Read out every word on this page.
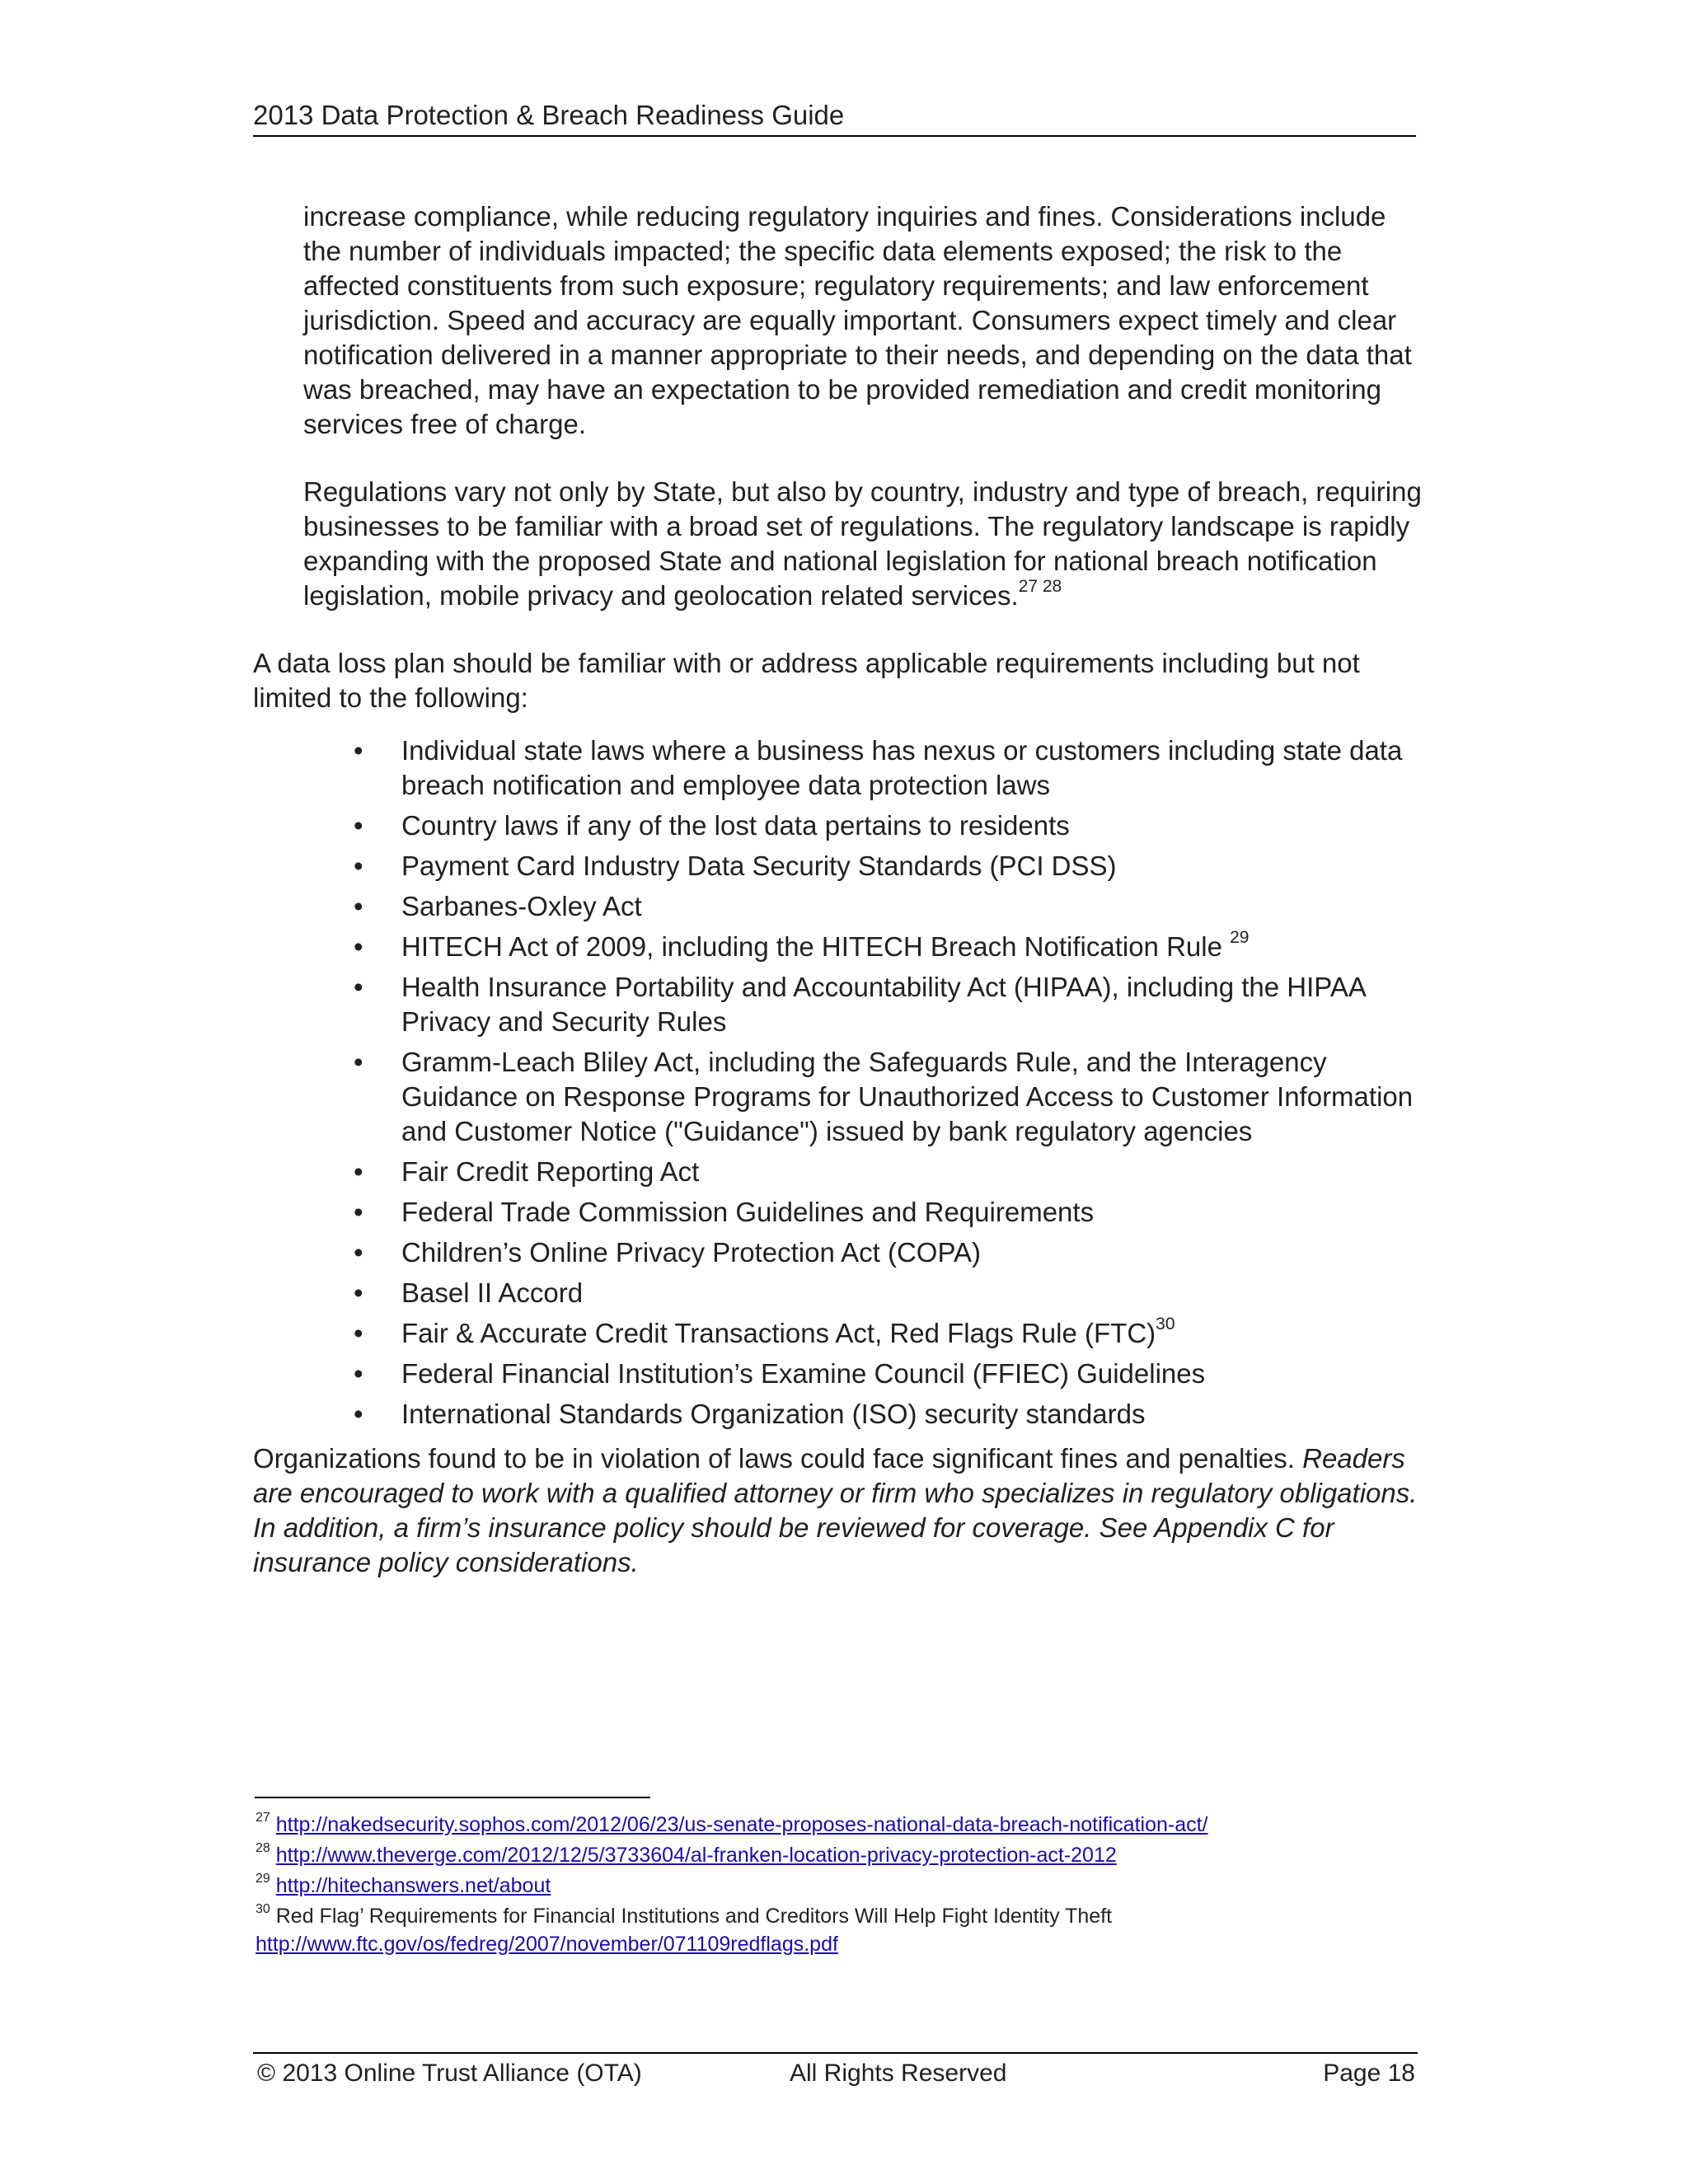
2013 Data Protection & Breach Readiness Guide

increase compliance, while reducing regulatory inquiries and fines. Considerations include the number of individuals impacted; the specific data elements exposed; the risk to the affected constituents from such exposure; regulatory requirements; and law enforcement jurisdiction. Speed and accuracy are equally important. Consumers expect timely and clear notification delivered in a manner appropriate to their needs, and depending on the data that was breached, may have an expectation to be provided remediation and credit monitoring services free of charge.

Regulations vary not only by State, but also by country, industry and type of breach, requiring businesses to be familiar with a broad set of regulations. The regulatory landscape is rapidly expanding with the proposed State and national legislation for national breach notification legislation, mobile privacy and geolocation related services.$^{27 28}$

A data loss plan should be familiar with or address applicable requirements including but not limited to the following:

• Individual state laws where a business has nexus or customers including state data breach notification and employee data protection laws
• Country laws if any of the lost data pertains to residents
• Payment Card Industry Data Security Standards (PCI DSS)
• Sarbanes-Oxley Act
• HITECH Act of 2009, including the HITECH Breach Notification Rule $^{29}$
• Health Insurance Portability and Accountability Act (HIPAA), including the HIPAA Privacy and Security Rules
• Gramm-Leach Bliley Act, including the Safeguards Rule, and the Interagency Guidance on Response Programs for Unauthorized Access to Customer Information and Customer Notice ("Guidance") issued by bank regulatory agencies
• Fair Credit Reporting Act
• Federal Trade Commission Guidelines and Requirements
• Children’s Online Privacy Protection Act (COPA)
• Basel II Accord
• Fair & Accurate Credit Transactions Act, Red Flags Rule (FTC)$^{30}$
• Federal Financial Institution’s Examine Council (FFIEC) Guidelines
• International Standards Organization (ISO) security standards

Organizations found to be in violation of laws could face significant fines and penalties. Readers are encouraged to work with a qualified attorney or firm who specializes in regulatory obligations. In addition, a firm’s insurance policy should be reviewed for coverage. See Appendix C for insurance policy considerations.

$^{27}$ http://nakedsecurity.sophos.com/2012/06/23/us-senate-proposes-national-data-breach-notification-act/
$^{28}$ http://www.theverge.com/2012/12/5/3733604/al-franken-location-privacy-protection-act-2012
$^{29}$ http://hitechanswers.net/about
$^{30}$ Red Flag’ Requirements for Financial Institutions and Creditors Will Help Fight Identity Theft
http://www.ftc.gov/os/fedreg/2007/november/071109redflags.pdf
© 2013 Online Trust Alliance (OTA)	All Rights Reserved	Page 18
